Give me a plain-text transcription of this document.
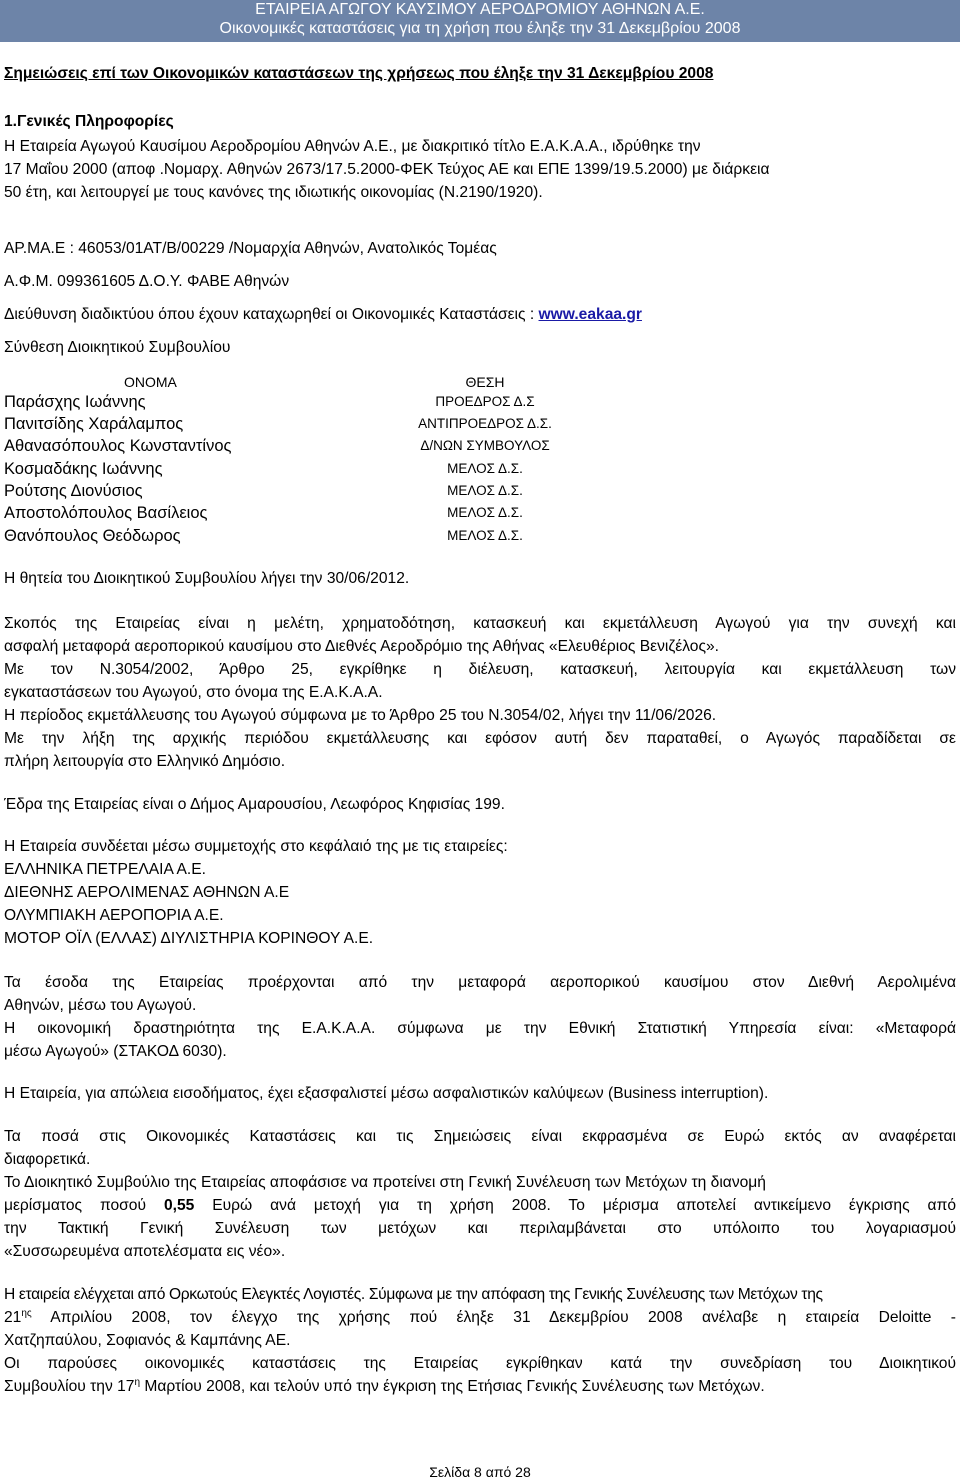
ΕΤΑΙΡΕΙΑ ΑΓΩΓΟΥ ΚΑΥΣΙΜΟΥ ΑΕΡΟΔΡΟΜΙΟΥ ΑΘΗΝΩΝ Α.Ε.
Οικονομικές καταστάσεις για τη χρήση που έληξε την 31 Δεκεμβρίου 2008
Σημειώσεις επί των Οικονομικών καταστάσεων της χρήσεως που έληξε την 31 Δεκεμβρίου 2008
1.Γενικές Πληροφορίες
Η Εταιρεία Αγωγού Καυσίμου Αεροδρομίου Αθηνών Α.Ε., με διακριτικό τίτλο Ε.Α.Κ.Α.Α., ιδρύθηκε την
17 Μαΐου 2000 (αποφ .Νομαρχ. Αθηνών 2673/17.5.2000-ΦΕΚ Τεύχος ΑΕ και ΕΠΕ 1399/19.5.2000) με διάρκεια
50 έτη, και λειτουργεί με τους κανόνες της ιδιωτικής οικονομίας (Ν.2190/1920).
ΑΡ.ΜΑ.Ε : 46053/01ΑΤ/Β/00229 /Νομαρχία Αθηνών, Ανατολικός Τομέας
Α.Φ.Μ. 099361605 Δ.Ο.Υ. ΦΑΒΕ Αθηνών
Διεύθυνση διαδικτύου όπου έχουν καταχωρηθεί οι Οικονομικές Καταστάσεις : www.eakaa.gr
Σύνθεση Διοικητικού Συμβουλίου
ΟΝΟΜΑ	ΘΕΣΗ
Παράσχης Ιωάννης	ΠΡΟΕΔΡΟΣ Δ.Σ
Πανιτσίδης Χαράλαμπος	ΑΝΤΙΠΡΟΕΔΡΟΣ Δ.Σ.
Αθανασόπουλος Κωνσταντίνος	Δ/ΝΩΝ ΣΥΜΒΟΥΛΟΣ
Κοσμαδάκης Ιωάννης	ΜΕΛΟΣ Δ.Σ.
Ρούτσης Διονύσιος	ΜΕΛΟΣ Δ.Σ.
Αποστολόπουλος Βασίλειος	ΜΕΛΟΣ Δ.Σ.
Θανόπουλος Θεόδωρος	ΜΕΛΟΣ Δ.Σ.
Η θητεία του Διοικητικού Συμβουλίου λήγει την 30/06/2012.
Σκοπός της Εταιρείας είναι η μελέτη, χρηματοδότηση, κατασκευή και εκμετάλλευση Αγωγού για την συνεχή και
ασφαλή μεταφορά αεροπορικού καυσίμου στο Διεθνές Αεροδρόμιο της Αθήνας «Ελευθέριος Βενιζέλος».
Με τον Ν.3054/2002, Άρθρο 25, εγκρίθηκε η διέλευση, κατασκευή, λειτουργία και εκμετάλλευση των
εγκαταστάσεων του Αγωγού, στο όνομα της Ε.Α.Κ.Α.Α.
Η περίοδος εκμετάλλευσης του Αγωγού σύμφωνα με το Άρθρο 25 του Ν.3054/02, λήγει την 11/06/2026.
Με την λήξη της αρχικής περιόδου εκμετάλλευσης και εφόσον αυτή δεν παραταθεί, ο Αγωγός παραδίδεται σε
πλήρη λειτουργία στο Ελληνικό Δημόσιο.
Έδρα της Εταιρείας είναι ο Δήμος Αμαρουσίου, Λεωφόρος Κηφισίας 199.
Η Εταιρεία συνδέεται μέσω συμμετοχής στο κεφάλαιό της με τις εταιρείες:
ΕΛΛΗΝΙΚΑ ΠΕΤΡΕΛΑΙΑ Α.Ε.
ΔΙΕΘΝΗΣ ΑΕΡΟΛΙΜΕΝΑΣ ΑΘΗΝΩΝ Α.Ε
ΟΛΥΜΠΙΑΚΗ ΑΕΡΟΠΟΡΙΑ Α.Ε.
ΜΟΤΟΡ ΟΪΛ (ΕΛΛΑΣ) ΔΙΥΛΙΣΤΗΡΙΑ ΚΟΡΙΝΘΟΥ Α.Ε.
Τα έσοδα της Εταιρείας προέρχονται από την μεταφορά αεροπορικού καυσίμου στον Διεθνή Αερολιμένα
Αθηνών, μέσω του Αγωγού.
Η οικονομική δραστηριότητα της Ε.Α.Κ.Α.Α. σύμφωνα με την Εθνική Στατιστική Υπηρεσία είναι: «Μεταφορά
μέσω Αγωγού» (ΣΤΑΚΟΔ 6030).
Η Εταιρεία, για απώλεια εισοδήματος, έχει εξασφαλιστεί μέσω ασφαλιστικών καλύψεων (Business interruption).
Τα ποσά στις Οικονομικές Καταστάσεις και τις Σημειώσεις είναι εκφρασμένα σε Ευρώ εκτός αν αναφέρεται
διαφορετικά.
Το Διοικητικό Συμβούλιο της Εταιρείας αποφάσισε να προτείνει στη Γενική Συνέλευση των Μετόχων τη διανομή
μερίσματος ποσού 0,55 Ευρώ ανά μετοχή για τη χρήση 2008. Το μέρισμα αποτελεί αντικείμενο έγκρισης από
την Τακτική Γενική Συνέλευση των μετόχων και περιλαμβάνεται στο υπόλοιπο του λογαριασμού
«Συσσωρευμένα αποτελέσματα εις νέο».
Η εταιρεία ελέγχεται από Ορκωτούς Ελεγκτές Λογιστές. Σύμφωνα με την απόφαση της Γενικής Συνέλευσης των Μετόχων της
$21^{\eta\varsigma}$ Απριλίου 2008, τον έλεγχο της χρήσης πού έληξε 31 Δεκεμβρίου 2008 ανέλαβε η εταιρεία Deloitte -
Χατζηπαύλου, Σοφιανός & Καμπάνης ΑΕ.
Οι παρούσες οικονομικές καταστάσεις της Εταιρείας εγκρίθηκαν κατά την συνεδρίαση του Διοικητικού
Συμβουλίου την $17^\eta$ Μαρτίου 2008, και τελούν υπό την έγκριση της Ετήσιας Γενικής Συνέλευσης των Μετόχων.
Σελίδα 8 από 28
